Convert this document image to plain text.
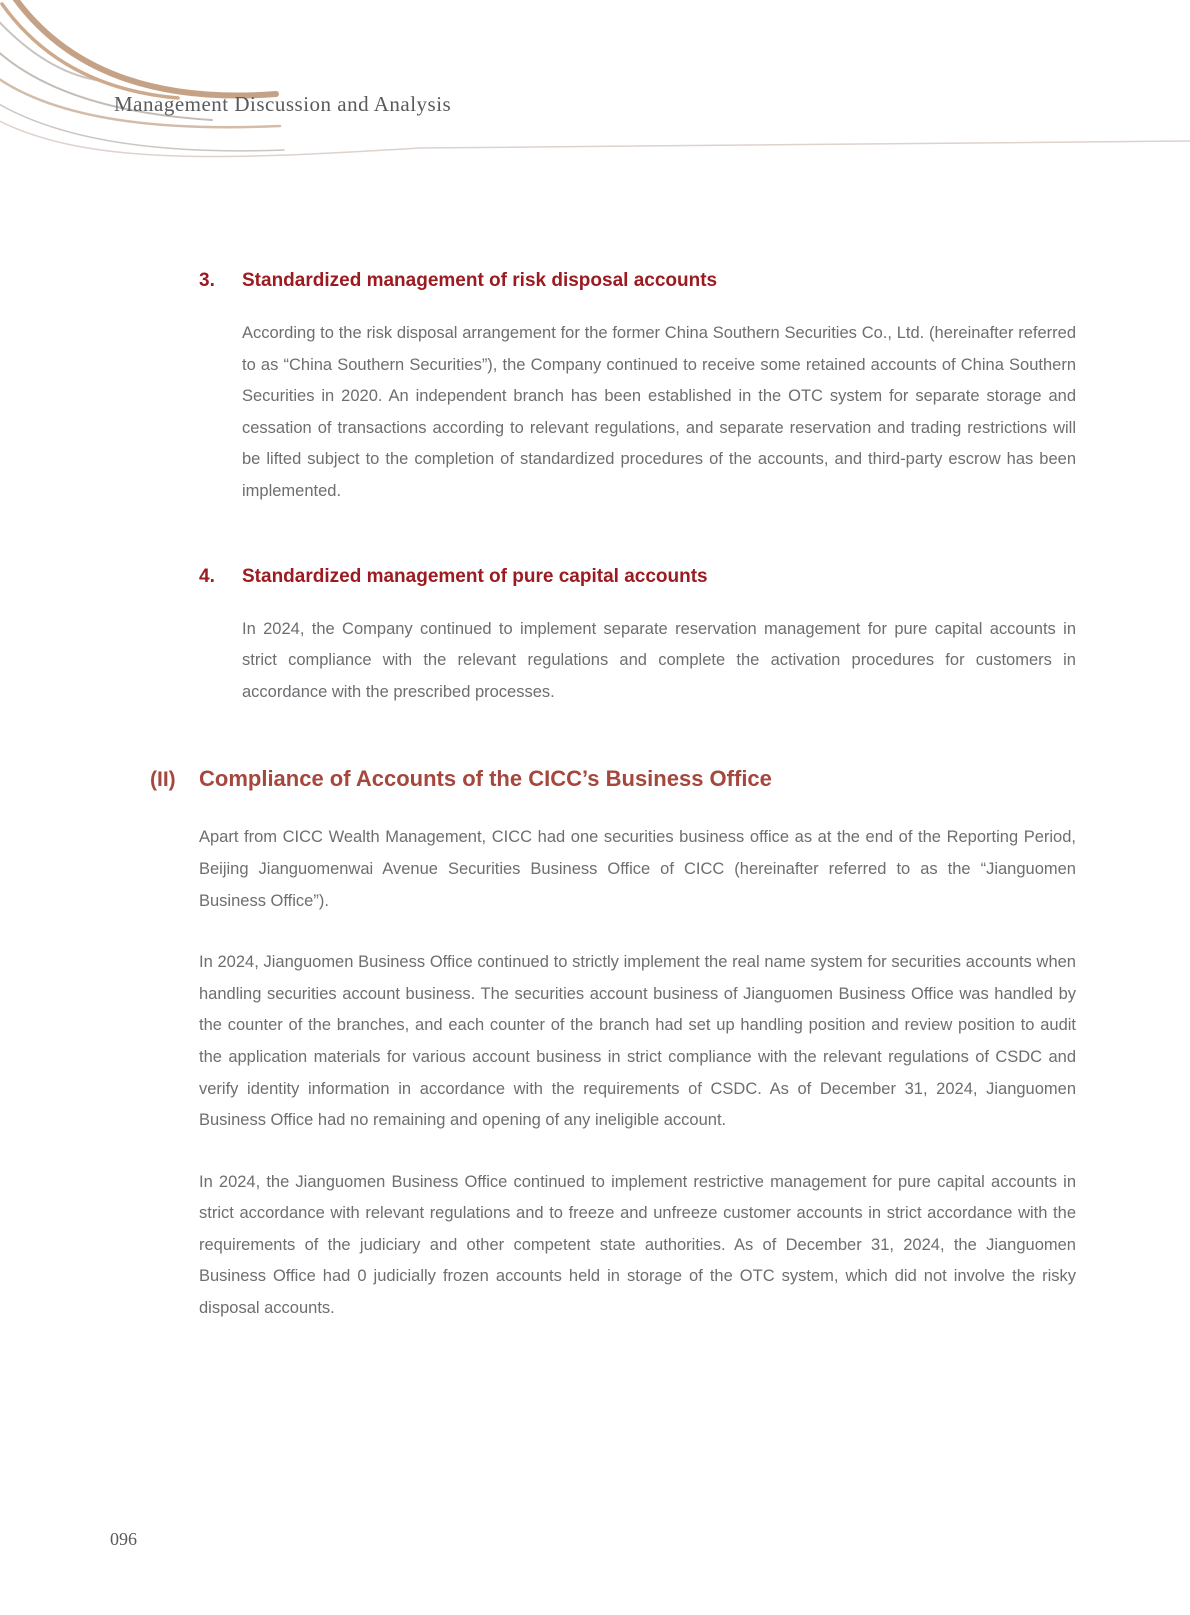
Management Discussion and Analysis
3.	Standardized management of risk disposal accounts

According to the risk disposal arrangement for the former China Southern Securities Co., Ltd. (hereinafter referred to as “China Southern Securities”), the Company continued to receive some retained accounts of China Southern Securities in 2020. An independent branch has been established in the OTC system for separate storage and cessation of transactions according to relevant regulations, and separate reservation and trading restrictions will be lifted subject to the completion of standardized procedures of the accounts, and third-party escrow has been implemented.

4.	Standardized management of pure capital accounts

In 2024, the Company continued to implement separate reservation management for pure capital accounts in strict compliance with the relevant regulations and complete the activation procedures for customers in accordance with the prescribed processes.

(II)	Compliance of Accounts of the CICC’s Business Office

Apart from CICC Wealth Management, CICC had one securities business office as at the end of the Reporting Period, Beijing Jianguomenwai Avenue Securities Business Office of CICC (hereinafter referred to as the “Jianguomen Business Office”).

In 2024, Jianguomen Business Office continued to strictly implement the real name system for securities accounts when handling securities account business. The securities account business of Jianguomen Business Office was handled by the counter of the branches, and each counter of the branch had set up handling position and review position to audit the application materials for various account business in strict compliance with the relevant regulations of CSDC and verify identity information in accordance with the requirements of CSDC. As of December 31, 2024, Jianguomen Business Office had no remaining and opening of any ineligible account.

In 2024, the Jianguomen Business Office continued to implement restrictive management for pure capital accounts in strict accordance with relevant regulations and to freeze and unfreeze customer accounts in strict accordance with the requirements of the judiciary and other competent state authorities. As of December 31, 2024, the Jianguomen Business Office had 0 judicially frozen accounts held in storage of the OTC system, which did not involve the risky disposal accounts.

096
